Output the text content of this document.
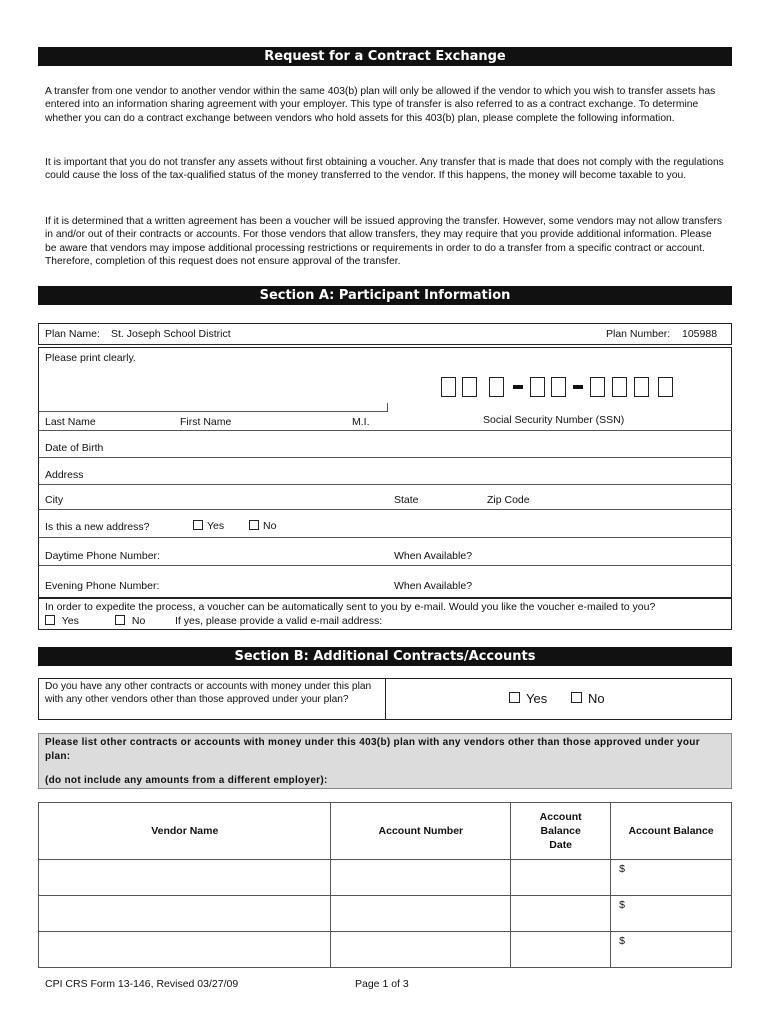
Request for a Contract Exchange

A transfer from one vendor to another vendor within the same 403(b) plan will only be allowed if the vendor to which you wish to transfer assets has entered into an information sharing agreement with your employer. This type of transfer is also referred to as a contract exchange. To determine whether you can do a contract exchange between vendors who hold assets for this 403(b) plan, please complete the following information.

It is important that you do not transfer any assets without first obtaining a voucher. Any transfer that is made that does not comply with the regulations could cause the loss of the tax-qualified status of the money transferred to the vendor. If this happens, the money will become taxable to you.

If it is determined that a written agreement has been a voucher will be issued approving the transfer. However, some vendors may not allow transfers in and/or out of their contracts or accounts. For those vendors that allow transfers, they may require that you provide additional information. Please be aware that vendors may impose additional processing restrictions or requirements in order to do a transfer from a specific contract or account. Therefore, completion of this request does not ensure approval of the transfer.

Section A: Participant Information
Plan Name: St. Joseph School District	Plan Number: 105988
Please print clearly.
Last Name	First Name	M.I.	Social Security Number (SSN)
Date of Birth
Address
City	State	Zip Code
Is this a new address?	Yes	No
Daytime Phone Number:	When Available?
Evening Phone Number:	When Available?
In order to expedite the process, a voucher can be automatically sent to you by e-mail. Would you like the voucher e-mailed to you?
Yes	No	If yes, please provide a valid e-mail address:
Section B: Additional Contracts/Accounts
Do you have any other contracts or accounts with money under this plan with any other vendors other than those approved under your plan?	Yes	No
Please list other contracts or accounts with money under this 403(b) plan with any vendors other than those approved under your plan:
(do not include any amounts from a different employer):
Vendor Name	Account Number	Account Balance Date	Account Balance
			$
			$
			$
CPI CRS Form 13-146, Revised 03/27/09	Page 1 of 3
